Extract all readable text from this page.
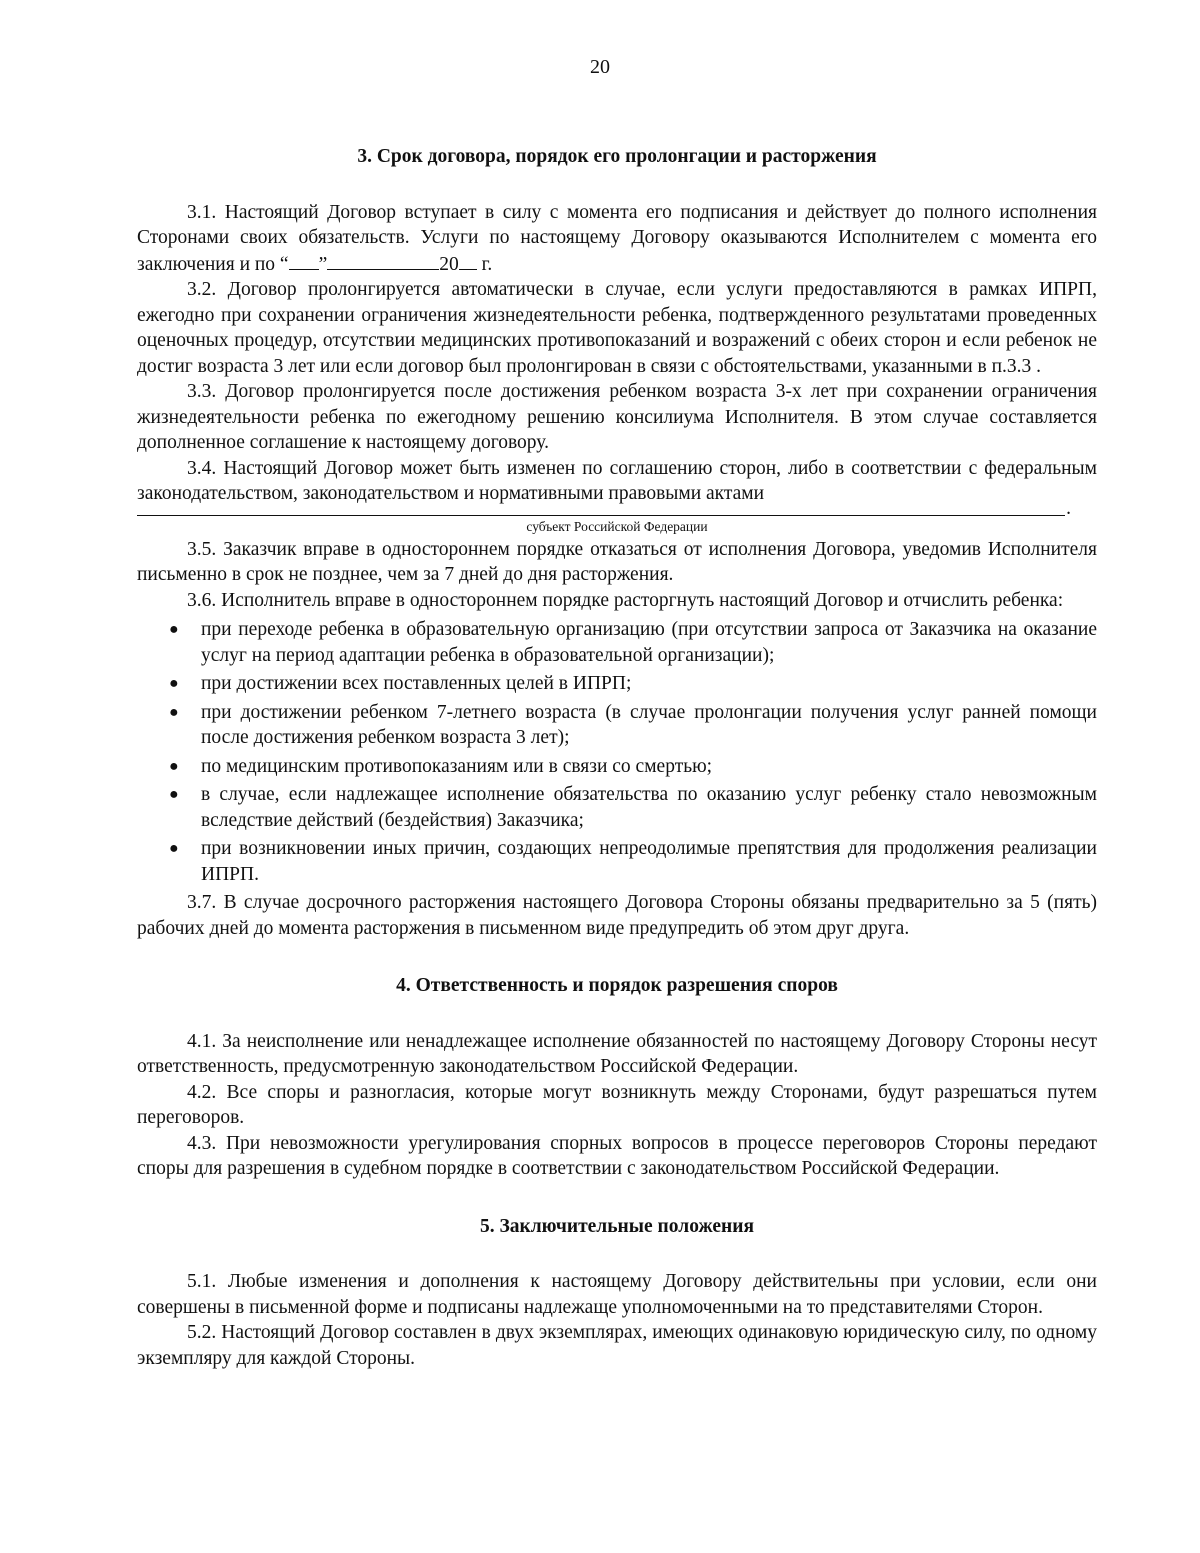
20
3. Срок договора, порядок его пролонгации и расторжения

3.1. Настоящий Договор вступает в силу с момента его подписания и действует до полного исполнения Сторонами своих обязательств. Услуги по настоящему Договору оказываются Исполнителем с момента его заключения и по “ ”	20 г.

3.2. Договор пролонгируется автоматически в случае, если услуги предоставляются в рамках ИПРП, ежегодно при сохранении ограничения жизнедеятельности ребенка, подтвержденного результатами проведенных оценочных процедур, отсутствии медицинских противопоказаний и возражений с обеих сторон и если ребенок не достиг возраста 3 лет или если договор был пролонгирован в связи с обстоятельствами, указанными в п.3.3 .

3.3. Договор пролонгируется после достижения ребенком возраста 3-х лет при сохранении ограничения жизнедеятельности ребенка по ежегодному решению консилиума Исполнителя. В этом случае составляется дополненное соглашение к настоящему договору.

3.4. Настоящий Договор может быть изменен по соглашению сторон, либо в соответствии с федеральным законодательством, законодательством и нормативными правовыми актами

.
субъект Российской Федерации

3.5. Заказчик вправе в одностороннем порядке отказаться от исполнения Договора, уведомив Исполнителя письменно в срок не позднее, чем за 7 дней до дня расторжения.

3.6. Исполнитель вправе в одностороннем порядке расторгнуть настоящий Договор и отчислить ребенка:

● при переходе ребенка в образовательную организацию (при отсутствии запроса от Заказчика на оказание услуг на период адаптации ребенка в образовательной организации);
● при достижении всех поставленных целей в ИПРП;
● при достижении ребенком 7-летнего возраста (в случае пролонгации получения услуг ранней помощи после достижения ребенком возраста 3 лет);
● по медицинским противопоказаниям или в связи со смертью;
● в случае, если надлежащее исполнение обязательства по оказанию услуг ребенку стало невозможным вследствие действий (бездействия) Заказчика;
● при возникновении иных причин, создающих непреодолимые препятствия для продолжения реализации ИПРП.

3.7. В случае досрочного расторжения настоящего Договора Стороны обязаны предварительно за 5 (пять) рабочих дней до момента расторжения в письменном виде предупредить об этом друг друга.

4. Ответственность и порядок разрешения споров

4.1. За неисполнение или ненадлежащее исполнение обязанностей по настоящему Договору Стороны несут ответственность, предусмотренную законодательством Российской Федерации.

4.2. Все споры и разногласия, которые могут возникнуть между Сторонами, будут разрешаться путем переговоров.

4.3. При невозможности урегулирования спорных вопросов в процессе переговоров Стороны передают споры для разрешения в судебном порядке в соответствии с законодательством Российской Федерации.

5. Заключительные положения

5.1. Любые изменения и дополнения к настоящему Договору действительны при условии, если они совершены в письменной форме и подписаны надлежаще уполномоченными на то представителями Сторон.

5.2. Настоящий Договор составлен в двух экземплярах, имеющих одинаковую юридическую силу, по одному экземпляру для каждой Стороны.
